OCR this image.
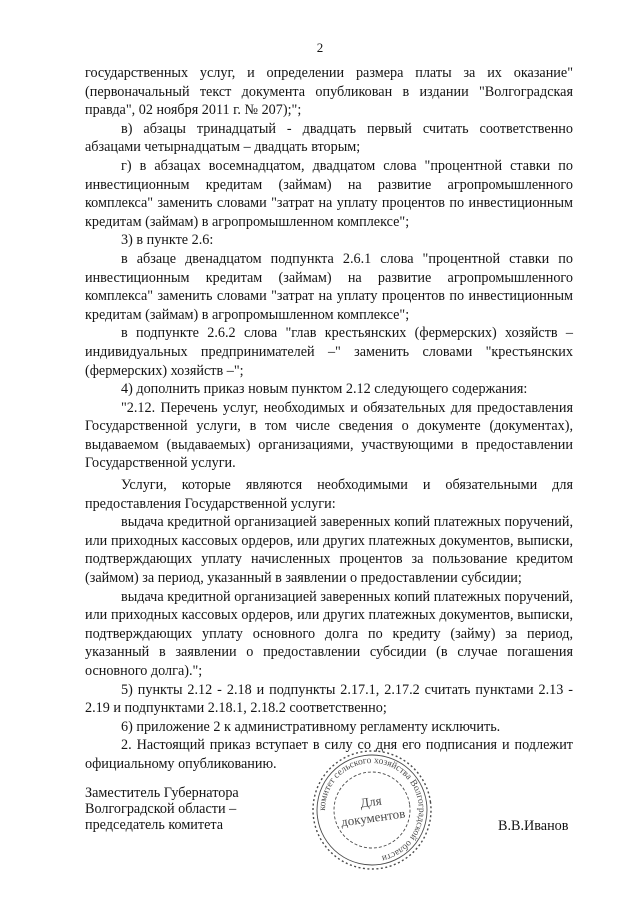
2

государственных услуг, и определении размера платы за их оказание" (первоначальный текст документа опубликован в издании "Волгоградская правда", 02 ноября 2011 г. № 207);";

в) абзацы тринадцатый - двадцать первый считать соответственно абзацами четырнадцатым – двадцать вторым;

г) в абзацах восемнадцатом, двадцатом слова "процентной ставки по инвестиционным кредитам (займам) на развитие агропромышленного комплекса" заменить словами "затрат на уплату процентов по инвестиционным кредитам (займам) в агропромышленном комплексе";

3) в пункте 2.6:

в абзаце двенадцатом подпункта 2.6.1 слова "процентной ставки по инвестиционным кредитам (займам) на развитие агропромышленного комплекса" заменить словами "затрат на уплату процентов по инвестиционным кредитам (займам) в агропромышленном комплексе";

в подпункте 2.6.2 слова "глав крестьянских (фермерских) хозяйств – индивидуальных предпринимателей –" заменить словами "крестьянских (фермерских) хозяйств –";

4) дополнить приказ новым пунктом 2.12 следующего содержания:

"2.12. Перечень услуг, необходимых и обязательных для предоставления Государственной услуги, в том числе сведения о документе (документах), выдаваемом (выдаваемых) организациями, участвующими в предоставлении Государственной услуги.

Услуги, которые являются необходимыми и обязательными для предоставления Государственной услуги:

выдача кредитной организацией заверенных копий платежных поручений, или приходных кассовых ордеров, или других платежных документов, выписки, подтверждающих уплату начисленных процентов за пользование кредитом (займом) за период, указанный в заявлении о предоставлении субсидии;

выдача кредитной организацией заверенных копий платежных поручений, или приходных кассовых ордеров, или других платежных документов, выписки, подтверждающих уплату основного долга по кредиту (займу) за период, указанный в заявлении о предоставлении субсидии (в случае погашения основного долга).";

5) пункты 2.12 - 2.18 и подпункты 2.17.1, 2.17.2 считать пунктами 2.13 - 2.19 и подпунктами 2.18.1, 2.18.2 соответственно;

6) приложение 2 к административному регламенту исключить.

2. Настоящий приказ вступает в силу со дня его подписания и подлежит официальному опубликованию.

Заместитель Губернатора
Волгоградской области –
председатель комитета	В.В.Иванов
комитет сельского хозяйства Волгоградской области
Для
документов
